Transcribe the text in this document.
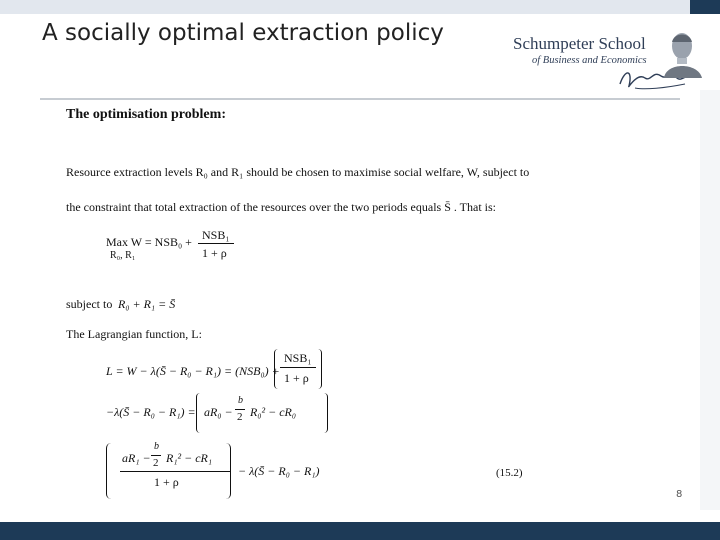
A socially optimal extraction policy	Schumpeter School
of Business and Economics
The optimisation problem:
Resource extraction levels R₀ and R₁ should be chosen to maximise social welfare, W, subject to
the constraint that total extraction of the resources over the two periods equals S̄ . That is:
Max W = NSB₀ +
R₀, R₁
NSB₁
1 + ρ
subject to R₀ + R₁ = S̄
The Lagrangian function, L:
L = W − λ(S̄ − R₀ − R₁) = (NSB₀) +
NSB₁
1 + ρ
−λ(S̄ − R₀ − R₁) = aR₀ −
b
2 R₀² − cR₀
aR₁ −
b
2 R₁² − cR₁
1 + ρ
− λ(S̄ − R₀ − R₁)	(15.2)
8
